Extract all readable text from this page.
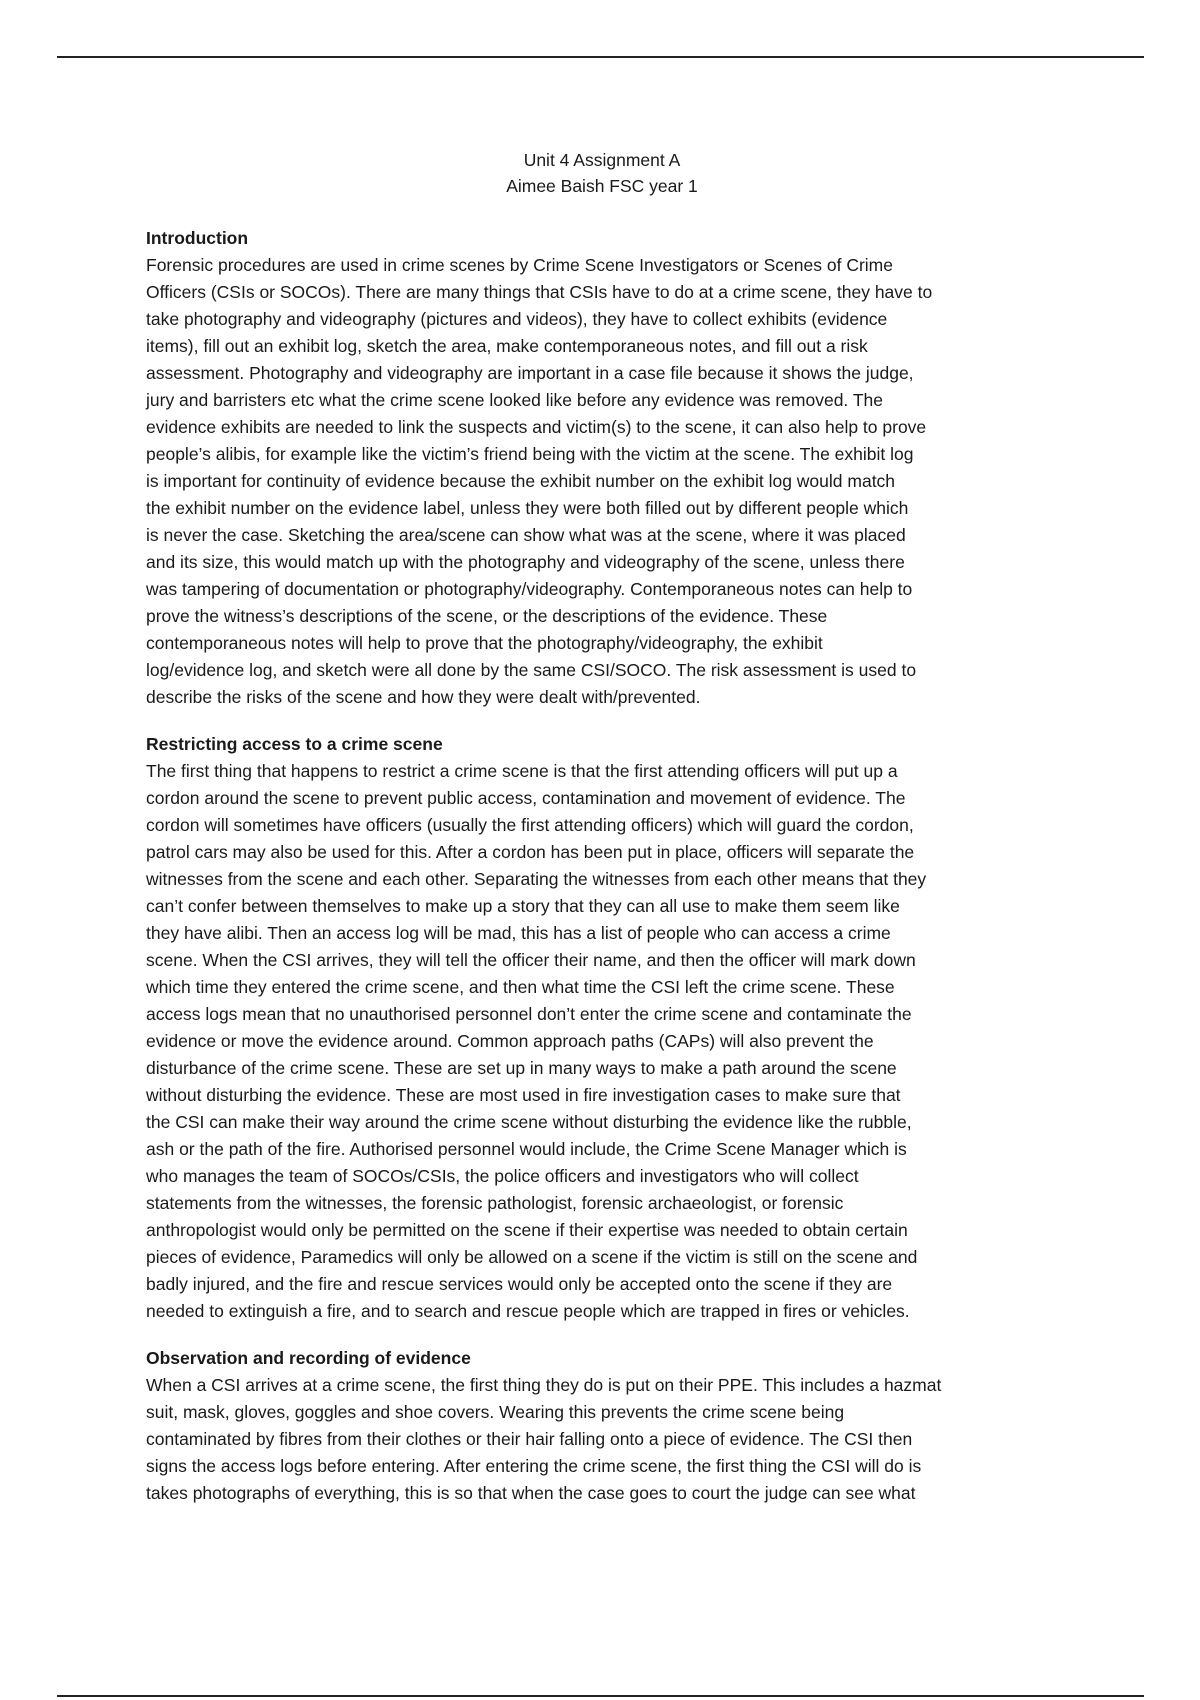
Unit 4 Assignment A

Aimee Baish FSC year 1

Introduction

Forensic procedures are used in crime scenes by Crime Scene Investigators or Scenes of Crime
Officers (CSIs or SOCOs). There are many things that CSIs have to do at a crime scene, they have to
take photography and videography (pictures and videos), they have to collect exhibits (evidence
items), fill out an exhibit log, sketch the area, make contemporaneous notes, and fill out a risk
assessment. Photography and videography are important in a case file because it shows the judge,
jury and barristers etc what the crime scene looked like before any evidence was removed. The
evidence exhibits are needed to link the suspects and victim(s) to the scene, it can also help to prove
people’s alibis, for example like the victim’s friend being with the victim at the scene. The exhibit log
is important for continuity of evidence because the exhibit number on the exhibit log would match
the exhibit number on the evidence label, unless they were both filled out by different people which
is never the case. Sketching the area/scene can show what was at the scene, where it was placed
and its size, this would match up with the photography and videography of the scene, unless there
was tampering of documentation or photography/videography. Contemporaneous notes can help to
prove the witness’s descriptions of the scene, or the descriptions of the evidence. These
contemporaneous notes will help to prove that the photography/videography, the exhibit
log/evidence log, and sketch were all done by the same CSI/SOCO. The risk assessment is used to
describe the risks of the scene and how they were dealt with/prevented.

Restricting access to a crime scene

The first thing that happens to restrict a crime scene is that the first attending officers will put up a
cordon around the scene to prevent public access, contamination and movement of evidence. The
cordon will sometimes have officers (usually the first attending officers) which will guard the cordon,
patrol cars may also be used for this. After a cordon has been put in place, officers will separate the
witnesses from the scene and each other. Separating the witnesses from each other means that they
can’t confer between themselves to make up a story that they can all use to make them seem like
they have alibi. Then an access log will be mad, this has a list of people who can access a crime
scene. When the CSI arrives, they will tell the officer their name, and then the officer will mark down
which time they entered the crime scene, and then what time the CSI left the crime scene. These
access logs mean that no unauthorised personnel don’t enter the crime scene and contaminate the
evidence or move the evidence around. Common approach paths (CAPs) will also prevent the
disturbance of the crime scene. These are set up in many ways to make a path around the scene
without disturbing the evidence. These are most used in fire investigation cases to make sure that
the CSI can make their way around the crime scene without disturbing the evidence like the rubble,
ash or the path of the fire. Authorised personnel would include, the Crime Scene Manager which is
who manages the team of SOCOs/CSIs, the police officers and investigators who will collect
statements from the witnesses, the forensic pathologist, forensic archaeologist, or forensic
anthropologist would only be permitted on the scene if their expertise was needed to obtain certain
pieces of evidence, Paramedics will only be allowed on a scene if the victim is still on the scene and
badly injured, and the fire and rescue services would only be accepted onto the scene if they are
needed to extinguish a fire, and to search and rescue people which are trapped in fires or vehicles.

Observation and recording of evidence

When a CSI arrives at a crime scene, the first thing they do is put on their PPE. This includes a hazmat
suit, mask, gloves, goggles and shoe covers. Wearing this prevents the crime scene being
contaminated by fibres from their clothes or their hair falling onto a piece of evidence. The CSI then
signs the access logs before entering. After entering the crime scene, the first thing the CSI will do is
takes photographs of everything, this is so that when the case goes to court the judge can see what
